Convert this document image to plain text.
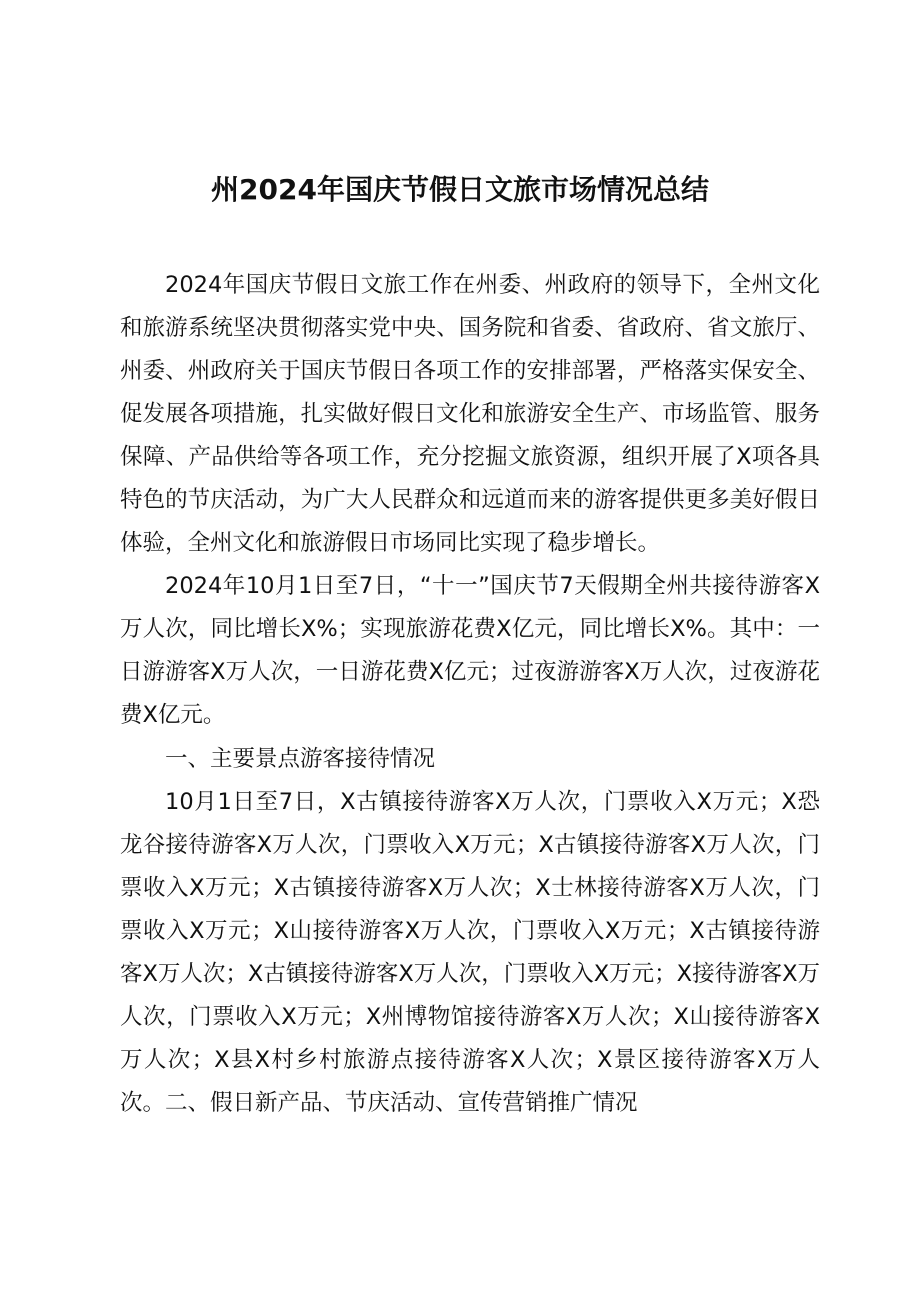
州2024年国庆节假日文旅市场情况总结

2024年国庆节假日文旅工作在州委、州政府的领导下，全州文化和旅游系统坚决贯彻落实党中央、国务院和省委、省政府、省文旅厅、州委、州政府关于国庆节假日各项工作的安排部署，严格落实保安全、促发展各项措施，扎实做好假日文化和旅游安全生产、市场监管、服务保障、产品供给等各项工作，充分挖掘文旅资源，组织开展了X项各具特色的节庆活动，为广大人民群众和远道而来的游客提供更多美好假日体验，全州文化和旅游假日市场同比实现了稳步增长。

2024年10月1日至7日，“十一”国庆节7天假期全州共接待游客X万人次，同比增长X%；实现旅游花费X亿元，同比增长X%。其中：一日游游客X万人次，一日游花费X亿元；过夜游游客X万人次，过夜游花费X亿元。

一、主要景点游客接待情况

10月1日至7日，X古镇接待游客X万人次，门票收入X万元；X恐龙谷接待游客X万人次，门票收入X万元；X古镇接待游客X万人次，门票收入X万元；X古镇接待游客X万人次；X士林接待游客X万人次，门票收入X万元；X山接待游客X万人次，门票收入X万元；X古镇接待游客X万人次；X古镇接待游客X万人次，门票收入X万元；X接待游客X万人次，门票收入X万元；X州博物馆接待游客X万人次；X山接待游客X万人次；X县X村乡村旅游点接待游客X人次；X景区接待游客X万人次。 二、假日新产品、节庆活动、宣传营销推广情况
